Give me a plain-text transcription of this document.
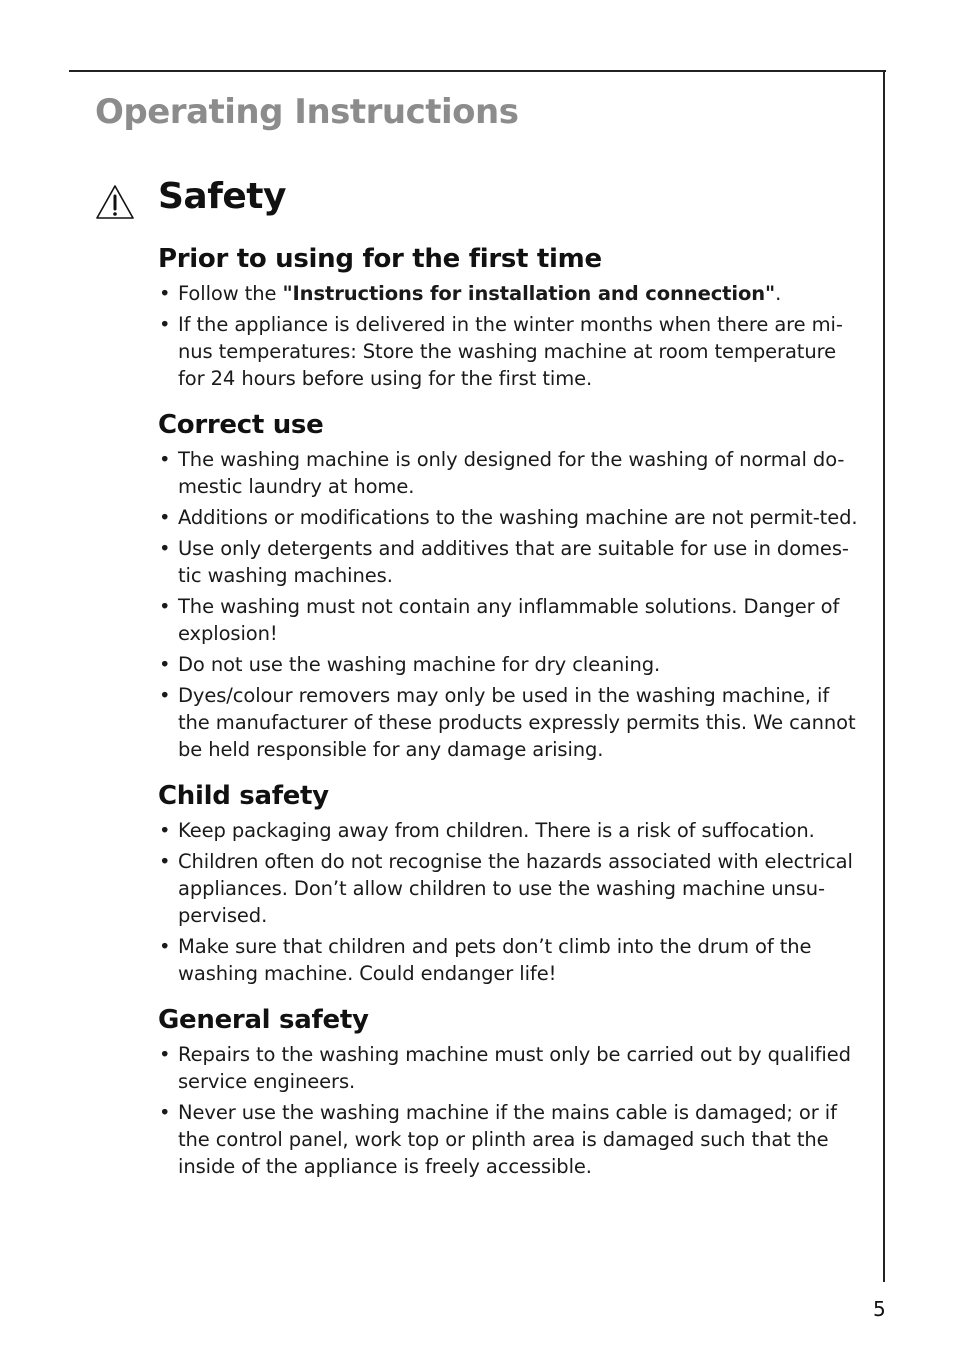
Operating Instructions
Safety
Prior to using for the first time
• Follow the "Instructions for installation and connection".
• If the appliance is delivered in the winter months when there are mi-nus temperatures: Store the washing machine at room temperature for 24 hours before using for the first time.
Correct use
• The washing machine is only designed for the washing of normal do-mestic laundry at home.
• Additions or modifications to the washing machine are not permit-ted.
• Use only detergents and additives that are suitable for use in domes-tic washing machines.
• The washing must not contain any inflammable solutions. Danger of explosion!
• Do not use the washing machine for dry cleaning.
• Dyes/colour removers may only be used in the washing machine, if the manufacturer of these products expressly permits this. We cannot be held responsible for any damage arising.
Child safety
• Keep packaging away from children. There is a risk of suffocation.
• Children often do not recognise the hazards associated with electrical appliances. Don’t allow children to use the washing machine unsu-pervised.
• Make sure that children and pets don’t climb into the drum of the washing machine. Could endanger life!
General safety
• Repairs to the washing machine must only be carried out by qualified service engineers.
• Never use the washing machine if the mains cable is damaged; or if the control panel, work top or plinth area is damaged such that the inside of the appliance is freely accessible.
5
